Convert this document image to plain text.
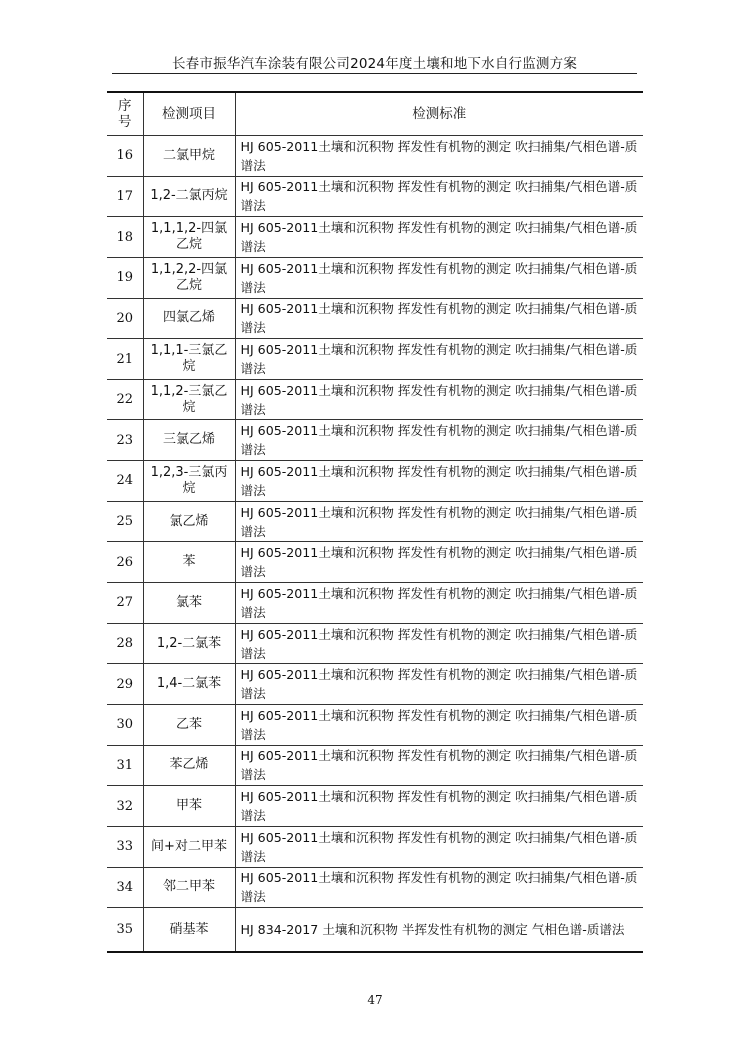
长春市振华汽车涂装有限公司2024年度土壤和地下水自行监测方案
序号	检测项目	检测标准
16	二氯甲烷	HJ 605-2011土壤和沉积物 挥发性有机物的测定 吹扫捕集/气相色谱-质谱法
17	1,2-二氯丙烷	HJ 605-2011土壤和沉积物 挥发性有机物的测定 吹扫捕集/气相色谱-质谱法
18	1,1,1,2-四氯乙烷	HJ 605-2011土壤和沉积物 挥发性有机物的测定 吹扫捕集/气相色谱-质谱法
19	1,1,2,2-四氯乙烷	HJ 605-2011土壤和沉积物 挥发性有机物的测定 吹扫捕集/气相色谱-质谱法
20	四氯乙烯	HJ 605-2011土壤和沉积物 挥发性有机物的测定 吹扫捕集/气相色谱-质谱法
21	1,1,1-三氯乙烷	HJ 605-2011土壤和沉积物 挥发性有机物的测定 吹扫捕集/气相色谱-质谱法
22	1,1,2-三氯乙烷	HJ 605-2011土壤和沉积物 挥发性有机物的测定 吹扫捕集/气相色谱-质谱法
23	三氯乙烯	HJ 605-2011土壤和沉积物 挥发性有机物的测定 吹扫捕集/气相色谱-质谱法
24	1,2,3-三氯丙烷	HJ 605-2011土壤和沉积物 挥发性有机物的测定 吹扫捕集/气相色谱-质谱法
25	氯乙烯	HJ 605-2011土壤和沉积物 挥发性有机物的测定 吹扫捕集/气相色谱-质谱法
26	苯	HJ 605-2011土壤和沉积物 挥发性有机物的测定 吹扫捕集/气相色谱-质谱法
27	氯苯	HJ 605-2011土壤和沉积物 挥发性有机物的测定 吹扫捕集/气相色谱-质谱法
28	1,2-二氯苯	HJ 605-2011土壤和沉积物 挥发性有机物的测定 吹扫捕集/气相色谱-质谱法
29	1,4-二氯苯	HJ 605-2011土壤和沉积物 挥发性有机物的测定 吹扫捕集/气相色谱-质谱法
30	乙苯	HJ 605-2011土壤和沉积物 挥发性有机物的测定 吹扫捕集/气相色谱-质谱法
31	苯乙烯	HJ 605-2011土壤和沉积物 挥发性有机物的测定 吹扫捕集/气相色谱-质谱法
32	甲苯	HJ 605-2011土壤和沉积物 挥发性有机物的测定 吹扫捕集/气相色谱-质谱法
33	间+对二甲苯	HJ 605-2011土壤和沉积物 挥发性有机物的测定 吹扫捕集/气相色谱-质谱法
34	邻二甲苯	HJ 605-2011土壤和沉积物 挥发性有机物的测定 吹扫捕集/气相色谱-质谱法
35	硝基苯	HJ 834-2017 土壤和沉积物 半挥发性有机物的测定 气相色谱-质谱法
47
